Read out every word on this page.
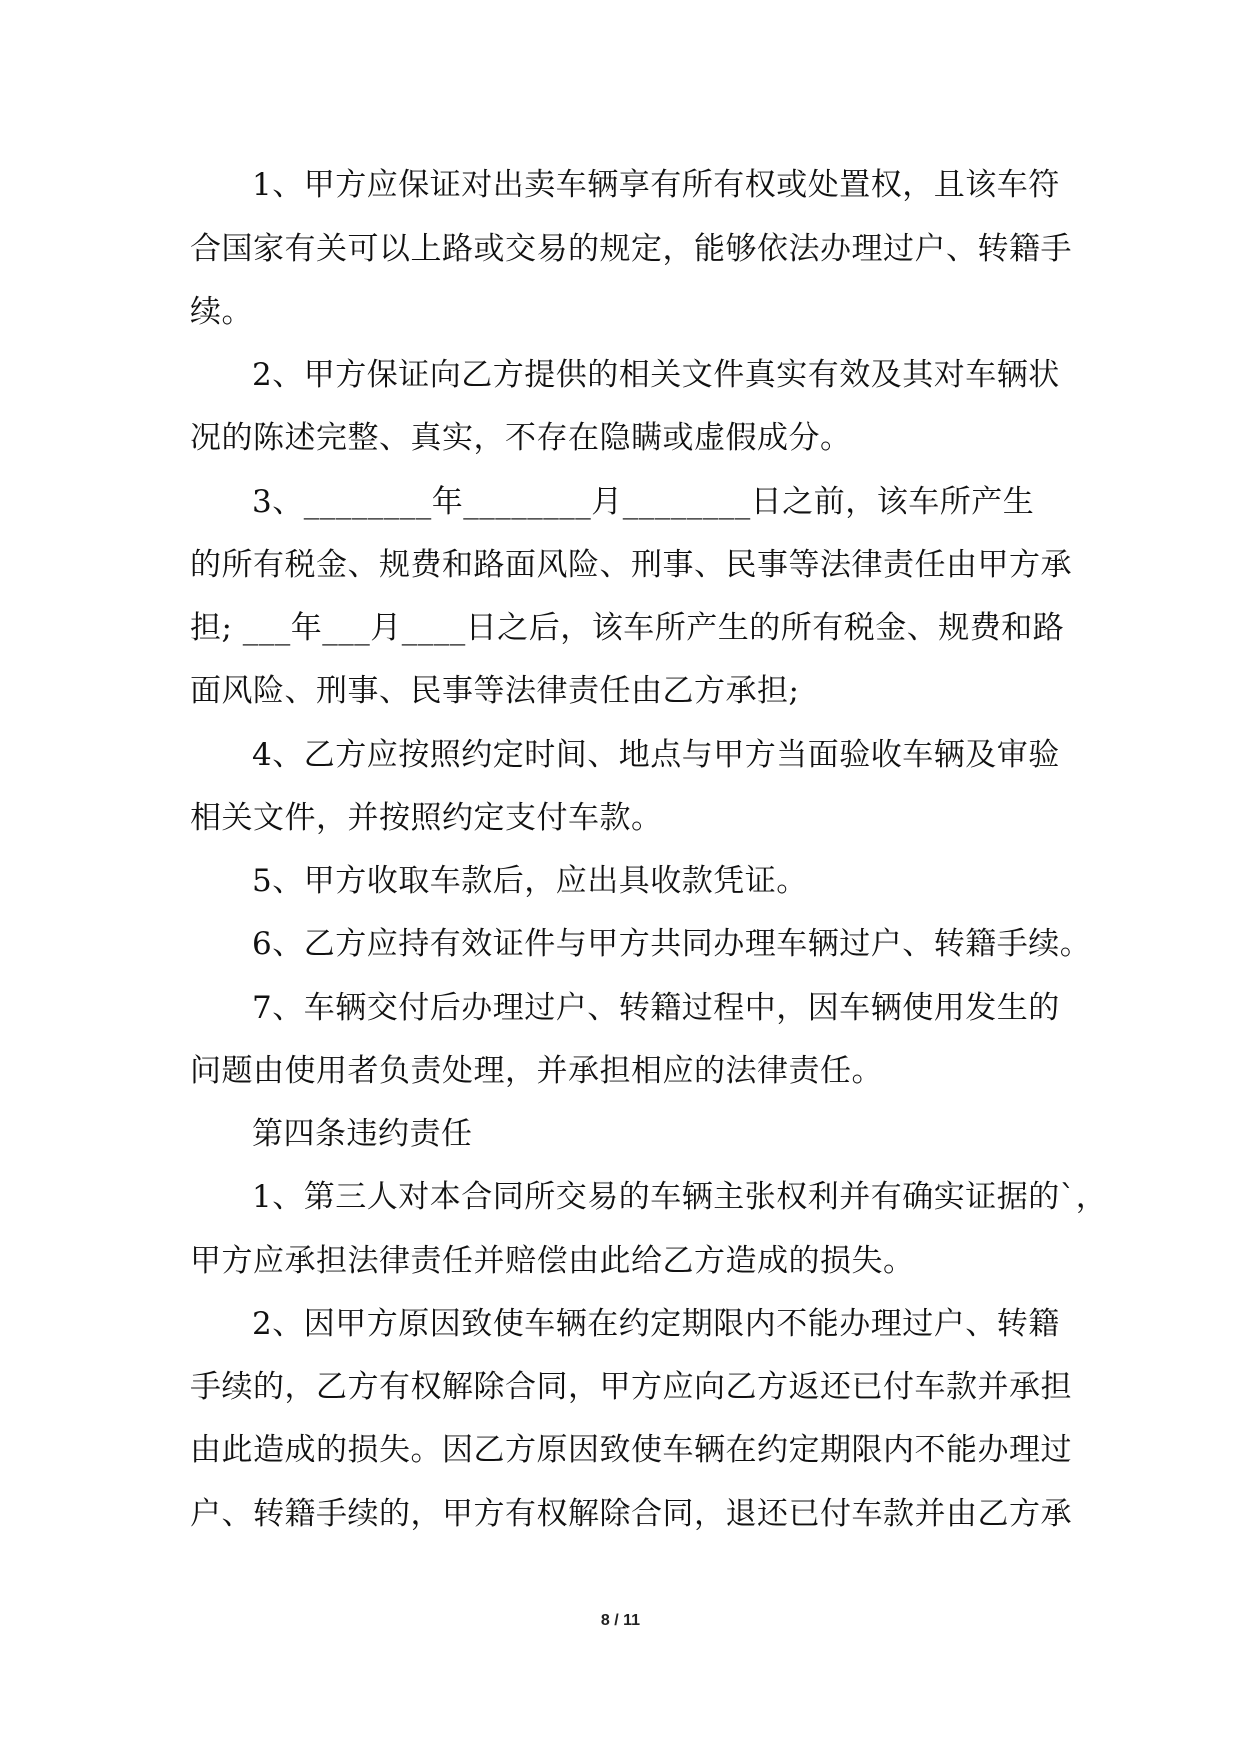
1、甲方应保证对出卖车辆享有所有权或处置权，且该车符
合国家有关可以上路或交易的规定，能够依法办理过户、转籍手
续。
2、甲方保证向乙方提供的相关文件真实有效及其对车辆状
况的陈述完整、真实，不存在隐瞒或虚假成分。
3、________年________月________日之前，该车所产生
的所有税金、规费和路面风险、刑事、民事等法律责任由甲方承
担; ___年___月____日之后，该车所产生的所有税金、规费和路
面风险、刑事、民事等法律责任由乙方承担;
4、乙方应按照约定时间、地点与甲方当面验收车辆及审验
相关文件，并按照约定支付车款。
5、甲方收取车款后，应出具收款凭证。
6、乙方应持有效证件与甲方共同办理车辆过户、转籍手续。
7、车辆交付后办理过户、转籍过程中，因车辆使用发生的
问题由使用者负责处理，并承担相应的法律责任。
第四条违约责任
1、第三人对本合同所交易的车辆主张权利并有确实证据的`，
甲方应承担法律责任并赔偿由此给乙方造成的损失。
2、因甲方原因致使车辆在约定期限内不能办理过户、转籍
手续的，乙方有权解除合同，甲方应向乙方返还已付车款并承担
由此造成的损失。因乙方原因致使车辆在约定期限内不能办理过
户、转籍手续的，甲方有权解除合同，退还已付车款并由乙方承
8 / 11
